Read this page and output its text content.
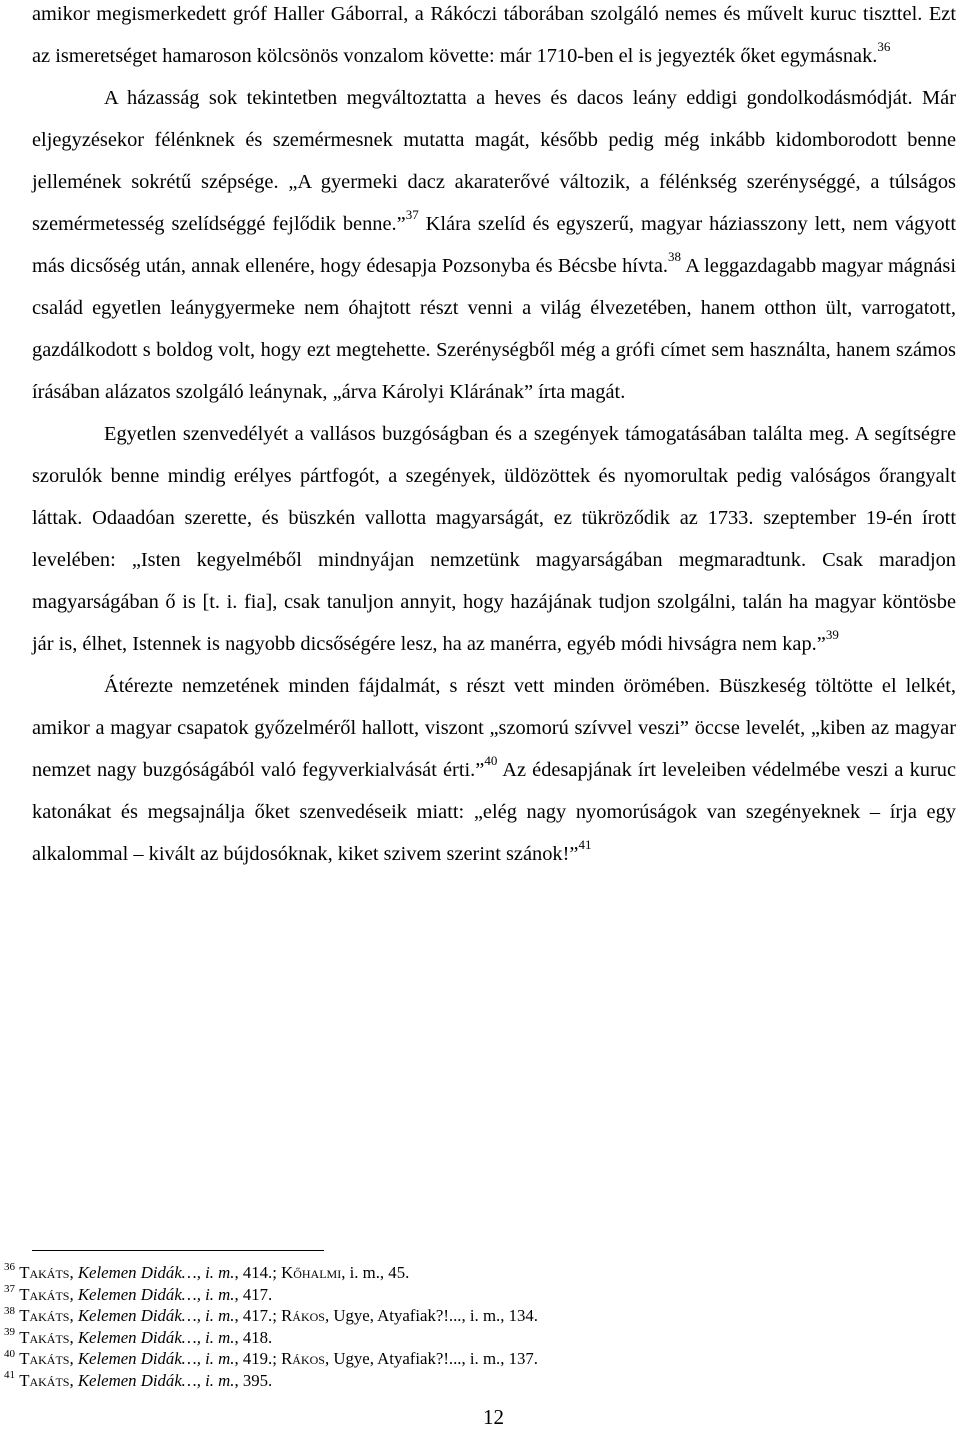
amikor megismerkedett gróf Haller Gáborral, a Rákóczi táborában szolgáló nemes és művelt kuruc tiszttel. Ezt az ismeretséget hamaroson kölcsönös vonzalom követte: már 1710-ben el is jegyezték őket egymásnak.$^{36}$

A házasság sok tekintetben megváltoztatta a heves és dacos leány eddigi gondolkodásmódját. Már eljegyzésekor félénknek és szemérmesnek mutatta magát, később pedig még inkább kidomborodott benne jellemének sokrétű szépsége. „A gyermeki dacz akaraterővé változik, a félénkség szerénységgé, a túlságos szemérmetesség szelídséggé fejlődik benne.”$^{37}$ Klára szelíd és egyszerű, magyar háziasszony lett, nem vágyott más dicsőség után, annak ellenére, hogy édesapja Pozsonyba és Bécsbe hívta.$^{38}$ A leggazdagabb magyar mágnási család egyetlen leánygyermeke nem óhajtott részt venni a világ élvezetében, hanem otthon ült, varrogatott, gazdálkodott s boldog volt, hogy ezt megtehette. Szerénységből még a grófi címet sem használta, hanem számos írásában alázatos szolgáló leánynak, „árva Károlyi Klárának” írta magát.

Egyetlen szenvedélyét a vallásos buzgóságban és a szegények támogatásában találta meg. A segítségre szorulók benne mindig erélyes pártfogót, a szegények, üldözöttek és nyomorultak pedig valóságos őrangyalt láttak. Odaadóan szerette, és büszkén vallotta magyarságát, ez tükröződik az 1733. szeptember 19-én írott levelében: „Isten kegyelméből mindnyájan nemzetünk magyarságában megmaradtunk. Csak maradjon magyarságában ő is [t. i. fia], csak tanuljon annyit, hogy hazájának tudjon szolgálni, talán ha magyar köntösbe jár is, élhet, Istennek is nagyobb dicsőségére lesz, ha az manérra, egyéb módi hivságra nem kap.”$^{39}$

Átérezte nemzetének minden fájdalmát, s részt vett minden örömében. Büszkeség töltötte el lelkét, amikor a magyar csapatok győzelméről hallott, viszont „szomorú szívvel veszi” öccse levelét, „kiben az magyar nemzet nagy buzgóságából való fegyverkialvását érti.”$^{40}$ Az édesapjának írt leveleiben védelmébe veszi a kuruc katonákat és megsajnálja őket szenvedéseik miatt: „elég nagy nyomorúságok van szegényeknek – írja egy alkalommal – kivált az bújdosóknak, kiket szivem szerint szánok!”$^{41}$

$^{36}$ Takáts, Kelemen Didák…, i. m., 414.; Kőhalmi, i. m., 45.
$^{37}$ Takáts, Kelemen Didák…, i. m., 417.
$^{38}$ Takáts, Kelemen Didák…, i. m., 417.; Rákos, Ugye, Atyafiak?!..., i. m., 134.
$^{39}$ Takáts, Kelemen Didák…, i. m., 418.
$^{40}$ Takáts, Kelemen Didák…, i. m., 419.; Rákos, Ugye, Atyafiak?!..., i. m., 137.
$^{41}$ Takáts, Kelemen Didák…, i. m., 395.
12
